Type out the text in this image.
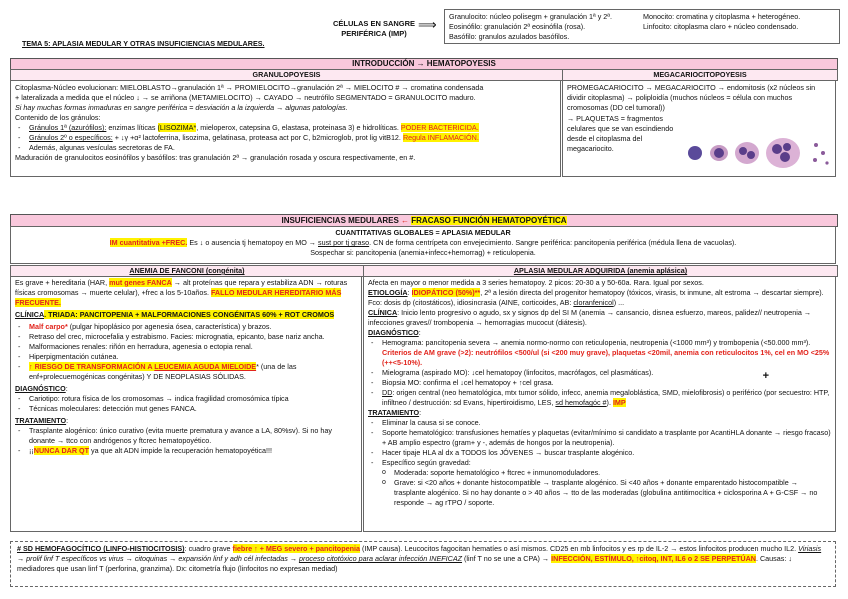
TEMA 5: APLASIA MEDULAR Y OTRAS INSUFICIENCIAS MEDULARES.
CÉLULAS EN SANGRE PERIFÉRICA (IMP)
⟹
Granulocito: núcleo polisegm + granulación 1ª y 2ª.
Eosinófilo: granulación 2ª eosinófila (rosa).
Basófilo: granulos azulados basófilos.
Monocito: cromatina y citoplasma + heterogéneo.
Linfocito: citoplasma claro + núcleo condensado.
INTRODUCCIÓN → HEMATOPOYESIS
GRANULOPOYESIS	MEGACARIOCITOPOYESIS
Citoplasma-Núcleo evolucionan: MIELOBLASTO→granulación 1ª → PROMIELOCITO→granulación 2ª → MIELOCITO # → cromatina condensada
+ lateralizada a medida que el núcleo ↓ → se arriñona (METAMIELOCITO) → CAYADO → neutrófilo SEGMENTADO = GRANULOCITO maduro.
Si hay muchas formas inmaduras en sangre periférica = desviación a la izquierda → algunas patologías.
Contenido de los gránulos:
- Gránulos 1ª (azurófilos): enzimas líticas (LISOZIMA*, mieloperox, catepsina G, elastasa, proteinasa 3) e hidrolíticas. PODER BACTERICIDA.
- Gránulos 2º o específicos: + ↓γ +α² lactoferrina, lisozima, gelatinasa, proteasa act por C, b2microglob, prot lig vitB12. Regula INFLAMACIÓN.
- Además, algunas vesículas secretoras de FA.
Maduración de granulocitos eosinófilos y basófilos: tras granulación 2ª → granulación rosada y oscura respectivamente, en #.
PROMEGACARIOCITO → MEGACARIOCITO → endomitosis (x2 núcleos sin dividir citoplasma) → poliploidía (muchos núcleos = célula con muchos cromosomas (DD cel tumoral))
→ PLAQUETAS = fragmentos celulares que se van escindiendo desde el citoplasma del megacariocito.
INSUFICIENCIAS MEDULARES ← FRACASO FUNCIÓN HEMATOPOYÉTICA
CUANTITATIVAS GLOBALES = APLASIA MEDULAR
IM cuantitativa +FREC. Es ↓ o ausencia tj hematopoy en MO → sust por tj graso. CN de forma centrípeta con envejecimiento. Sangre periférica: pancitopenia periférica (médula llena de vacuolas).
Sospechar si: pancitopenia (anemia+infecc+hemorrag) + reticulopenia.
ANEMIA DE FANCONI (congénita)	APLASIA MEDULAR ADQUIRIDA (anemia aplásica)
Es grave + hereditaria (HAR, mut genes FANCA → alt proteínas que repara y estabiliza ADN → roturas físicas cromosomas → muerte celular), +frec a los 5-10años. FALLO MEDULAR HEREDITARIO MÁS FRECUENTE.
CLÍNICA. TRIADA: PANCITOPENIA + MALFORMACIONES CONGÉNITAS 60% + ROT CROMOS
- Malf carpo* (pulgar hipoplásico por agenesia ósea, característica) y brazos.
- Retraso del crec, microcefalia y estrabismo. Facies: micrognatia, epicanto, base nariz ancha.
- Malformaciones renales: riñón en herradura, agenesia o ectopia renal.
- Hiperpigmentación cutánea.
- ↑ RIESGO DE TRANSFORMACIÓN A LEUCEMIA AGUDA MIELOIDE* (una de las enf+prolecuemogénicas congénitas) Y DE NEOPLASIAS SÓLIDAS.
DIAGNÓSTICO:
- Cariotipo: rotura física de los cromosomas → indica fragilidad cromosómica típica
- Técnicas moleculares: detección mut genes FANCA.
TRATAMIENTO:
- Trasplante alogénico: único curativo (evita muerte prematura y avance a LA, 80%sv). Si no hay donante → ttco con andrógenos y ftcrec hematopoyético.
- ¡¡NUNCA DAR QT ya que alt ADN impide la recuperación hematopoyética!!!
Afecta en mayor o menor medida a 3 series hematopoy. 2 picos: 20-30 a y 50-60a. Rara. Igual por sexos.
ETIOLOGÍA: IDIOPÁTICO (50%)**, 2ª a lesión directa del progenitor hematopoy (tóxicos, virasis, tx inmune, alt estroma → descartar siempre). Fco: dosis dp (citostáticos), idiosincrasia (AINE, corticoides, AB: cloranfenicol) ...
CLÍNICA: Inicio lento progresivo o agudo, sx y signos dp del SI M (anemia → cansancio, disnea esfuerzo, mareos, palidez// neutropenia → infecciones graves// trombopenia → hemorragias mucocut (diátesis).
DIAGNÓSTICO:
- Hemograma: pancitopenia severa → anemia normo-normo con reticulopenia, neutropenia (<1000 mm³) y trombopenia (<50.000 mm³). Criterios de AM grave (>2): neutrófilos <500/ul (si <200 muy grave), plaquetas <20mil, anemia con reticulocitos 1%, cel en MO <25% (++<5-10%).
- Mielograma (aspirado MO): ↓cel hematopoy (linfocitos, macrófagos, cel plasmáticas).
- Biopsia MO: confirma el ↓cel hematopoy + ↑cel grasa.
+
- DD: origen central (neo hematológica, mtx tumor sólido, infecc, anemia megaloblástica, SMD, mielofibrosis) o periférico (por secuestro: HTP, infiltneo / destrucción: sd Evans, hipertiroidismo, LES, sd hemofagóc #). IMP
TRATAMIENTO:
- Eliminar la causa si se conoce.
- Soporte hematológico: transfusiones hematíes y plaquetas (evitar/mínimo si candidato a trasplante por AcantiHLA donante → riesgo fracaso) + AB amplio espectro (gram+ y -, además de hongos por la neutropenia).
- Hacer tipaje HLA al dx a TODOS los JÓVENES → buscar trasplante alogénico.
- Específico según gravedad:
o Moderada: soporte hematológico + ftcrec + inmunomoduladores.
o Grave: si <20 años + donante histocompatible → trasplante alogénico. Si <40 años + donante emparentado histocompatible → trasplante alogénico. Si no hay donante o > 40 años → tto de las moderadas (globulina antitimocítica + ciclosporina A + G-CSF → no responde → ag rTPO / soporte.
# SD HEMOFAGOCÍTICO (LINFO-HISTIOCITOSIS): cuadro grave fiebre ↑ + MEG severo + pancitopenia (IMP causa). Leucocitos fagocitan hematíes o así mismos. CD25 en mb linfocitos y es rp de IL-2 → estos linfocitos producen mucho IL2. Viriasis → prolif linf T específicos vs virus → citoquinas → expansión linf y adh cél infectadas → proceso citotóxico para aclarar infección INEFICAZ (linf T no se une a CPA) → INFECCIÓN, ESTÍMULO, ↑citoq, INT, IL6 o 2 SE PERPETÚAN. Causas: ↓ mediadores que usan linf T (perforina, granzima). Dx: citometría flujo (linfocitos no expresan mediad)
